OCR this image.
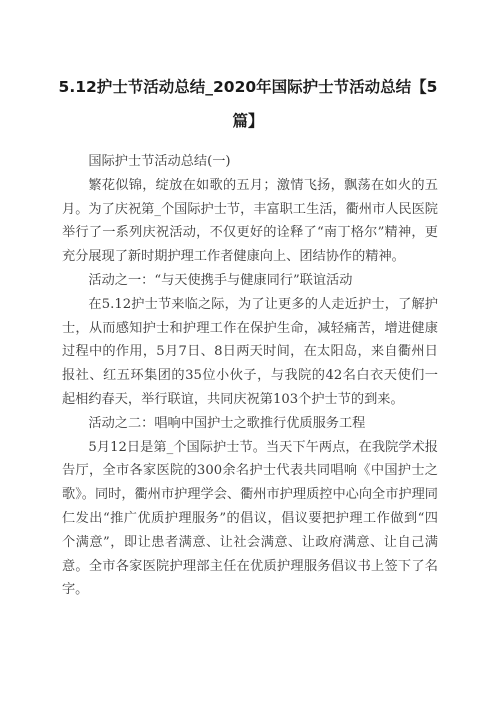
5.12护士节活动总结_2020年国际护士节活动总结【5篇】

国际护士节活动总结(一)

繁花似锦，绽放在如歌的五月；激情飞扬，飘荡在如火的五月。为了庆祝第_个国际护士节，丰富职工生活，衢州市人民医院举行了一系列庆祝活动，不仅更好的诠释了“南丁格尔”精神，更充分展现了新时期护理工作者健康向上、团结协作的精神。

活动之一：“与天使携手与健康同行”联谊活动

在5.12护士节来临之际，为了让更多的人走近护士，了解护士，从而感知护士和护理工作在保护生命，减轻痛苦，增进健康过程中的作用，5月7日、8日两天时间，在太阳岛，来自衢州日报社、红五环集团的35位小伙子，与我院的42名白衣天使们一起相约春天，举行联谊，共同庆祝第103个护士节的到来。

活动之二：唱响中国护士之歌推行优质服务工程

5月12日是第_个国际护士节。当天下午两点，在我院学术报告厅，全市各家医院的300余名护士代表共同唱响《中国护士之歌》。同时，衢州市护理学会、衢州市护理质控中心向全市护理同仁发出“推广优质护理服务”的倡议，倡议要把护理工作做到“四个满意”，即让患者满意、让社会满意、让政府满意、让自己满意。全市各家医院护理部主任在优质护理服务倡议书上签下了名字。
